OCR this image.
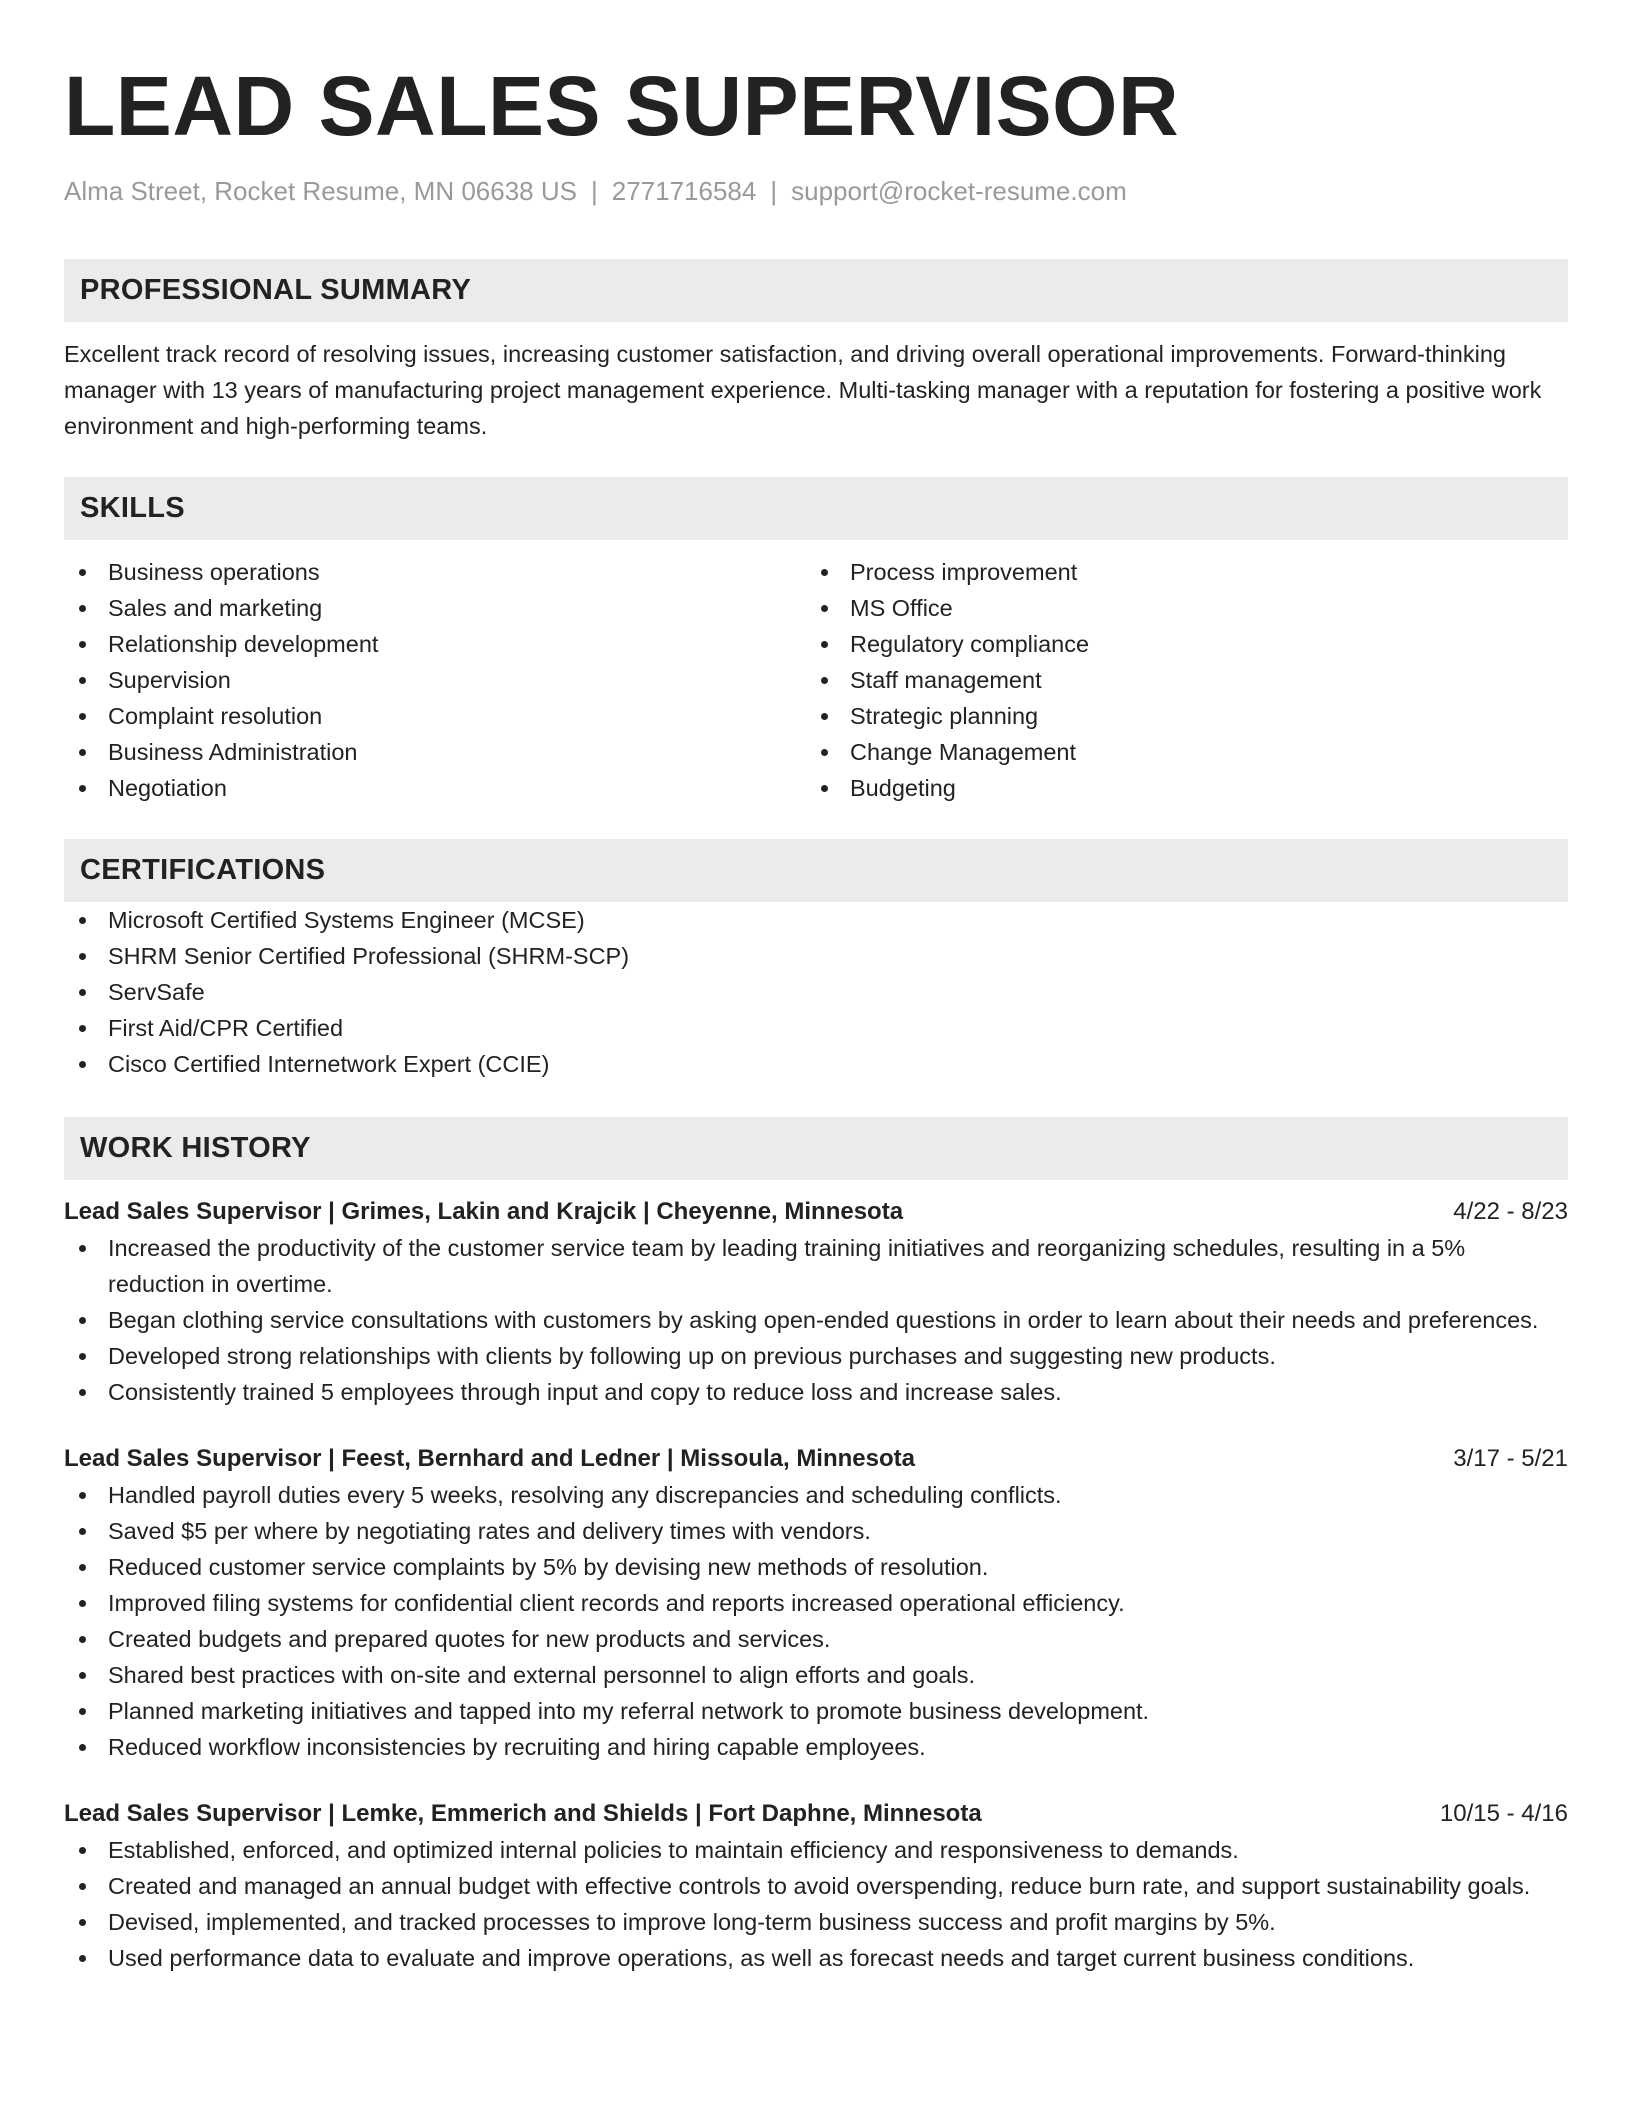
LEAD SALES SUPERVISOR
Alma Street, Rocket Resume, MN 06638 US | 2771716584 | support@rocket-resume.com
PROFESSIONAL SUMMARY
Excellent track record of resolving issues, increasing customer satisfaction, and driving overall operational improvements. Forward-thinking manager with 13 years of manufacturing project management experience. Multi-tasking manager with a reputation for fostering a positive work environment and high-performing teams.
SKILLS
Business operations
Sales and marketing
Relationship development
Supervision
Complaint resolution
Business Administration
Negotiation
Process improvement
MS Office
Regulatory compliance
Staff management
Strategic planning
Change Management
Budgeting
CERTIFICATIONS
Microsoft Certified Systems Engineer (MCSE)
SHRM Senior Certified Professional (SHRM-SCP)
ServSafe
First Aid/CPR Certified
Cisco Certified Internetwork Expert (CCIE)
WORK HISTORY
Lead Sales Supervisor | Grimes, Lakin and Krajcik | Cheyenne, Minnesota	4/22 - 8/23
Increased the productivity of the customer service team by leading training initiatives and reorganizing schedules, resulting in a 5% reduction in overtime.
Began clothing service consultations with customers by asking open-ended questions in order to learn about their needs and preferences.
Developed strong relationships with clients by following up on previous purchases and suggesting new products.
Consistently trained 5 employees through input and copy to reduce loss and increase sales.
Lead Sales Supervisor | Feest, Bernhard and Ledner | Missoula, Minnesota	3/17 - 5/21
Handled payroll duties every 5 weeks, resolving any discrepancies and scheduling conflicts.
Saved $5 per where by negotiating rates and delivery times with vendors.
Reduced customer service complaints by 5% by devising new methods of resolution.
Improved filing systems for confidential client records and reports increased operational efficiency.
Created budgets and prepared quotes for new products and services.
Shared best practices with on-site and external personnel to align efforts and goals.
Planned marketing initiatives and tapped into my referral network to promote business development.
Reduced workflow inconsistencies by recruiting and hiring capable employees.
Lead Sales Supervisor | Lemke, Emmerich and Shields | Fort Daphne, Minnesota	10/15 - 4/16
Established, enforced, and optimized internal policies to maintain efficiency and responsiveness to demands.
Created and managed an annual budget with effective controls to avoid overspending, reduce burn rate, and support sustainability goals.
Devised, implemented, and tracked processes to improve long-term business success and profit margins by 5%.
Used performance data to evaluate and improve operations, as well as forecast needs and target current business conditions.
